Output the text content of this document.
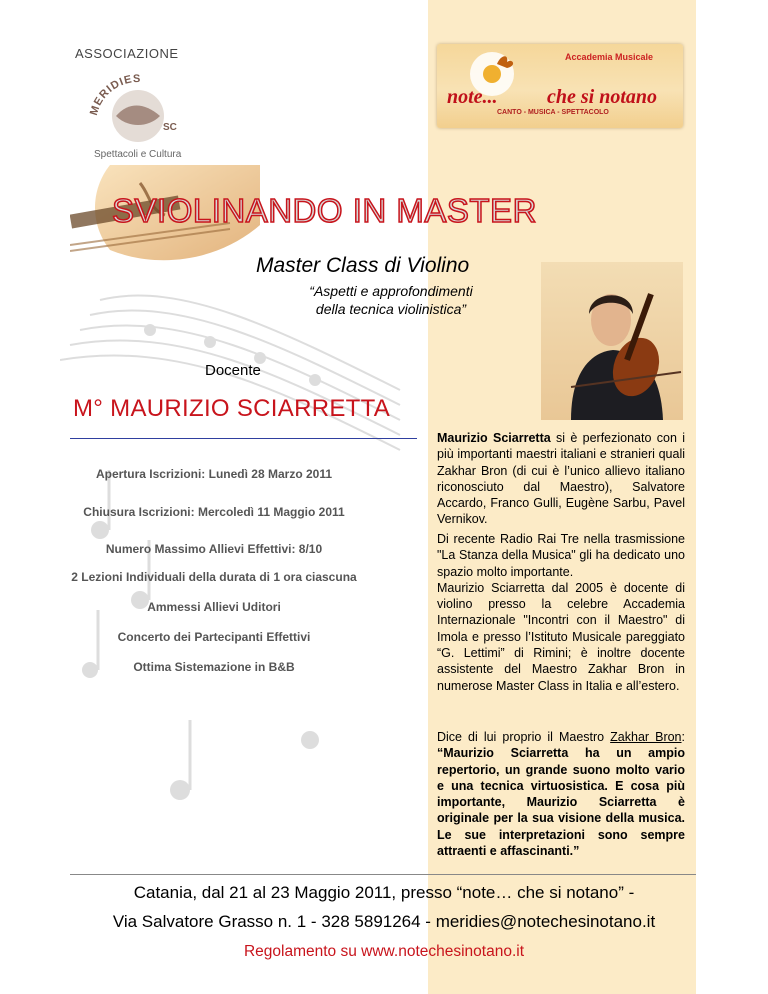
ASSOCIAZIONE
MERIDIES
SC
Spettacoli e Cultura
Accademia Musicale
note... che si notano
CANTO - MUSICA - SPETTACOLO
SVIOLINANDO IN MASTER
Master Class di Violino
“Aspetti e approfondimenti
della tecnica violinistica”
Docente
M° MAURIZIO SCIARRETTA
Apertura Iscrizioni: Lunedì 28 Marzo 2011
Chiusura Iscrizioni: Mercoledì 11 Maggio 2011
Numero Massimo Allievi Effettivi: 8/10
2 Lezioni Individuali della durata di 1 ora ciascuna
Ammessi Allievi Uditori
Concerto dei Partecipanti Effettivi
Ottima Sistemazione in B&B
Maurizio Sciarretta si è perfezionato con i più importanti maestri italiani e stranieri quali Zakhar Bron (di cui è l’unico allievo italiano riconosciuto dal Maestro), Salvatore Accardo, Franco Gulli, Eugène Sarbu, Pavel Vernikov.
Di recente Radio Rai Tre nella trasmissione "La Stanza della Musica" gli ha dedicato uno spazio molto importante.
Maurizio Sciarretta dal 2005 è docente di violino presso la celebre Accademia Internazionale "Incontri con il Maestro" di Imola e presso l’Istituto Musicale pareggiato “G. Lettimi” di Rimini; è inoltre docente assistente del Maestro Zakhar Bron in numerose Master Class in Italia e all’estero.
Dice di lui proprio il Maestro Zakhar Bron: “Maurizio Sciarretta ha un ampio repertorio, un grande suono molto vario e una tecnica virtuosistica. E cosa più importante, Maurizio Sciarretta è originale per la sua visione della musica. Le sue interpretazioni sono sempre attraenti e affascinanti.”
Catania, dal 21 al 23 Maggio 2011, presso “note… che si notano” -
Via Salvatore Grasso n. 1 - 328 5891264 - meridies@notechesinotano.it
Regolamento su www.notechesinotano.it
